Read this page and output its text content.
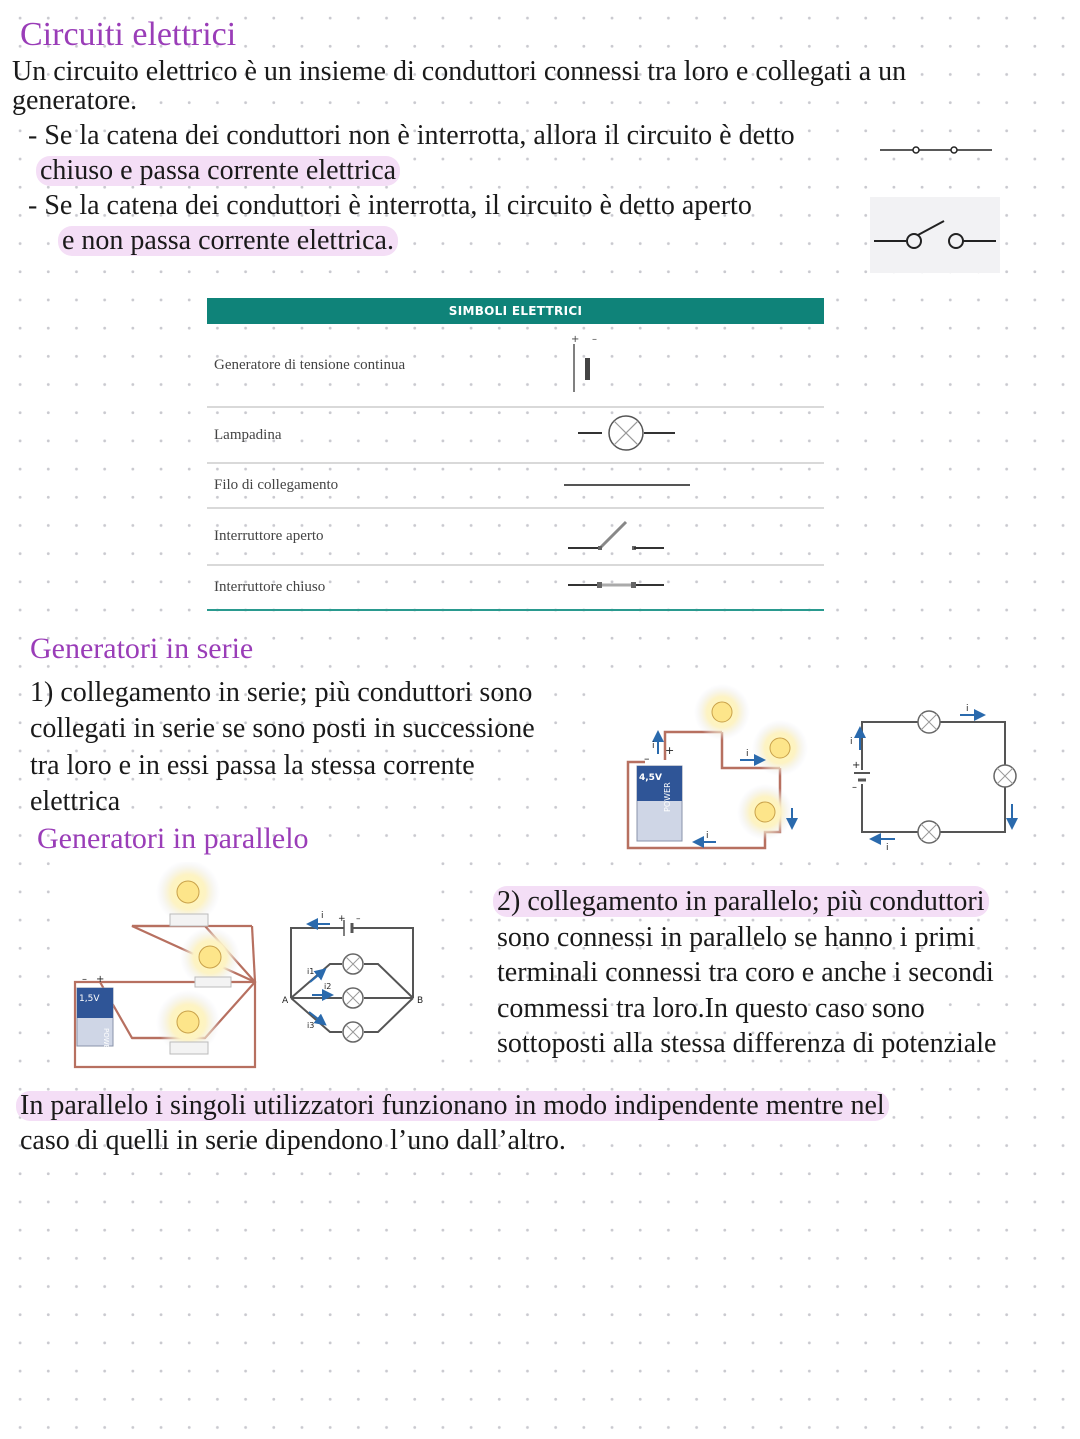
Circuiti elettrici
Un circuito elettrico è un insieme di conduttori connessi tra loro e collegati a un
generatore.
- Se la catena dei conduttori non è interrotta, allora il circuito è detto
chiuso e passa corrente elettrica
- Se la catena dei conduttori è interrotta, il circuito è detto aperto
e non passa corrente elettrica.
SIMBOLI ELETTRICI	
Generatore di tensione continua	+ –

Lampadina	
Filo di collegamento	
Interruttore aperto	
Interruttore chiuso	
Generatori in serie
1) collegamento in serie; più conduttori sono
collegati in serie se sono posti in successione
tra loro e in essi passa la stessa corrente
elettrica
Generatori in parallelo
4,5V
POWER
+
–
i
i
i
+
–
i
i
i
1,5V
POWER
– +
i + –
i1
i2
i3
A	B
2) collegamento in parallelo; più conduttori
sono connessi in parallelo se hanno i primi
terminali connessi tra coro e anche i secondi
commessi tra loro.In questo caso sono
sottoposti alla stessa differenza di potenziale
In parallelo i singoli utilizzatori funzionano in modo indipendente mentre nel
caso di quelli in serie dipendono l’uno dall’altro.
